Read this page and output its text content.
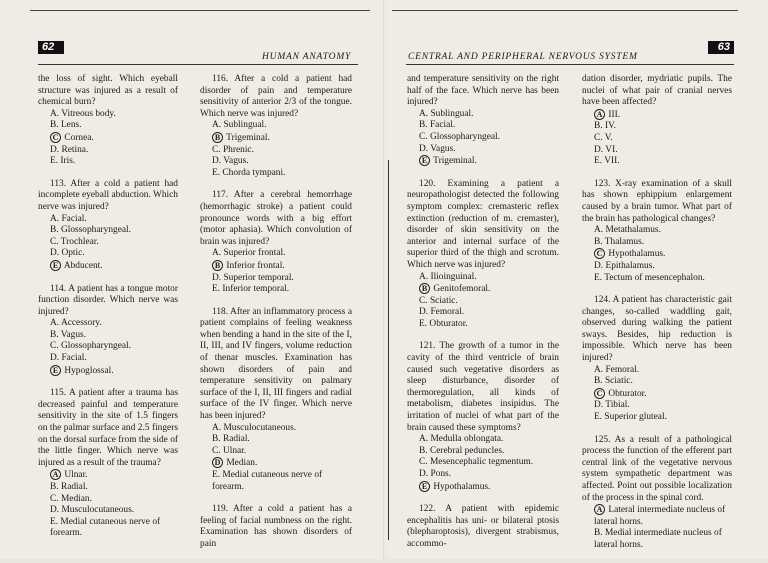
62
HUMAN ANATOMY

the loss of sight. Which eyeball structure was injured as a result of chemical burn?

A. Vitreous body.
B. Lens.
C Cornea.
D. Retina.
E. Iris.

113. After a cold a patient had incomplete eyeball abduction. Which nerve was injured?

A. Facial.
B. Glossopharyngeal.
C. Trochlear.
D. Optic.
E Abducent.

114. A patient has a tongue motor function disorder. Which nerve was injured?

A. Accessory.
B. Vagus.
C. Glossopharyngeal.
D. Facial.
E Hypoglossal.

115. A patient after a trauma has decreased painful and temperature sensitivity in the site of 1.5 fingers on the palmar surface and 2.5 fingers on the dorsal surface from the side of the little finger. Which nerve was injured as a result of the trauma?

A Ulnar.
B. Radial.
C. Median.
D. Musculocutaneous.
E. Medial cutaneous nerve of forearm.

116. After a cold a patient had disorder of pain and temperature sensitivity of anterior 2/3 of the tongue. Which nerve was injured?

A. Sublingual.
B Trigeminal.
C. Phrenic.
D. Vagus.
E. Chorda tympani.

117. After a cerebral hemorrhage (hemorrhagic stroke) a patient could pronounce words with a big effort (motor aphasia). Which convolution of brain was injured?

A. Superior frontal.
B Inferior frontal.
D. Superior temporal.
E. Inferior temporal.

118. After an inflammatory process a patient complains of feeling weakness when bending a hand in the site of the I, II, III, and IV fingers, volume reduction of thenar muscles. Examination has shown disorders of pain and temperature sensitivity on palmary surface of the I, II, III fingers and radial surface of the IV finger. Which nerve has been injured?

A. Musculocutaneous.
B. Radial.
C. Ulnar.
D Median.
E. Medial cutaneous nerve of forearm.

119. After a cold a patient has a feeling of facial numbness on the right. Examination has shown disorders of pain

63
CENTRAL AND PERIPHERAL NERVOUS SYSTEM

and temperature sensitivity on the right half of the face. Which nerve has been injured?

A. Sublingual.
B. Facial.
C. Glossopharyngeal.
D. Vagus.
E Trigeminal.

120. Examining a patient a neuropathologist detected the following symptom complex: cremasteric reflex extinction (reduction of m. cremaster), disorder of skin sensitivity on the anterior and internal surface of the superior third of the thigh and scrotum. Which nerve was injured?

A. Ilioinguinal.
B Genitofemoral.
C. Sciatic.
D. Femoral.
E. Obturator.

121. The growth of a tumor in the cavity of the third ventricle of brain caused such vegetative disorders as sleep disturbance, disorder of thermoregulation, all kinds of metabolism, diabetes insipidus. The irritation of nuclei of what part of the brain caused these symptoms?

A. Medulla oblongata.
B. Cerebral peduncles.
C. Mesencephalic tegmentum.
D. Pons.
E Hypothalamus.

122. A patient with epidemic encephalitis has uni- or bilateral ptosis (blephаroptosis), divergent strabismus, accommo-

dation disorder, mydriatic pupils. The nuclei of what pair of cranial nerves have been affected?

A III.
B. IV.
C. V.
D. VI.
E. VII.

123. X-ray examination of a skull has shown ephippium enlargement caused by a brain tumor. What part of the brain has pathological changes?

A. Metathalamus.
B. Thalamus.
C Hypothalamus.
D. Epithalamus.
E. Tectum of mesencephalon.

124. A patient has characteristic gait changes, so-called waddling gait, observed during walking the patient sways. Besides, hip reduction is impossible. Which nerve has been injured?

A. Femoral.
B. Sciatic.
C Obturator.
D. Tibial.
E. Superior gluteal.

125. As a result of a pathological process the function of the efferent part central link of the vegetative nervous system sympathetic department was affected. Point out possible localization of the process in the spinal cord.

A Lateral intermediate nucleus of lateral horns.
B. Medial intermediate nucleus of lateral horns.
